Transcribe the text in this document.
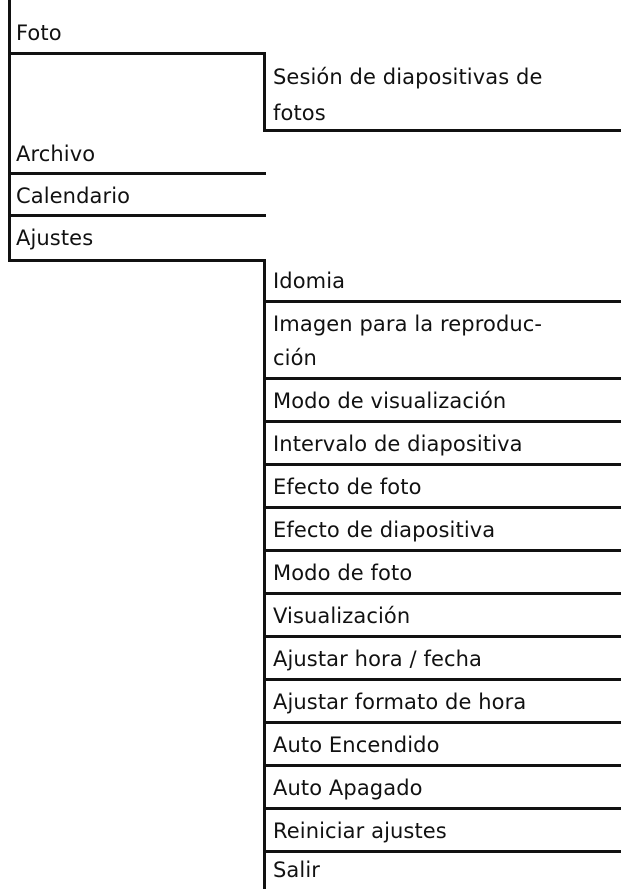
Foto
Sesión de diapositivas de
fotos
Archivo
Calendario
Ajustes
Idomia
Imagen para la reproduc-
ción
Modo de visualización
Intervalo de diapositiva
Efecto de foto
Efecto de diapositiva
Modo de foto
Visualización
Ajustar hora / fecha
Ajustar formato de hora
Auto Encendido
Auto Apagado
Reiniciar ajustes
Salir
